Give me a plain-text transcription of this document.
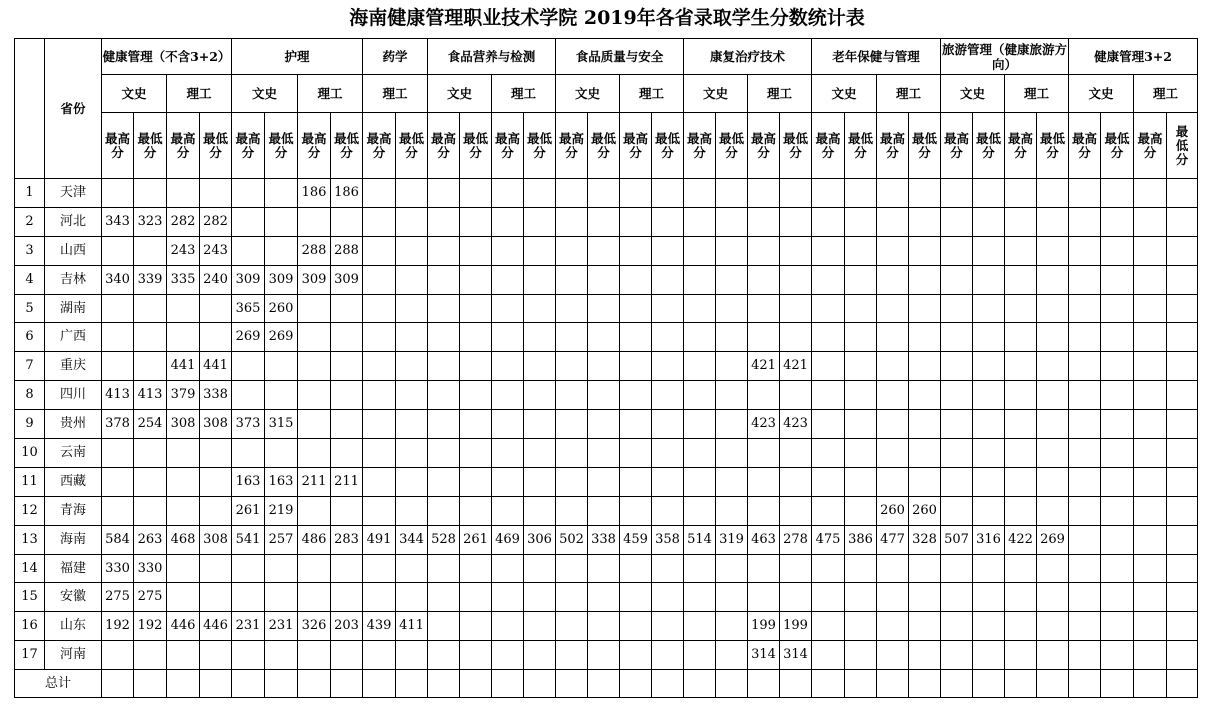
海南健康管理职业技术学院 2019年各省录取学生分数统计表
	省份	健康管理（不含3+2）				护理				药学		食品营养与检测				食品质量与安全				康复治疗技术				老年保健与管理				旅游管理（健康旅游方向）				健康管理3+2			
		文史		理工		文史		理工		理工		文史		理工		文史		理工		文史		理工		文史		理工		文史		理工		文史		理工	
		最高分	最低分	最高分	最低分	最高分	最低分	最高分	最低分	最高分	最低分	最高分	最低分	最高分	最低分	最高分	最低分	最高分	最低分	最高分	最低分	最高分	最低分	最高分	最低分	最高分	最低分	最高分	最低分	最高分	最低分	最高分	最低分	最高分	最低分
1	天津							186	186																										
2	河北	343	323	282	282																														
3	山西			243	243			288	288																										
4	吉林	340	339	335	240	309	309	309	309																										
5	湖南					365	260																												
6	广西					269	269																												
7	重庆			441	441																	421	421												
8	四川	413	413	379	338																														
9	贵州	378	254	308	308	373	315															423	423												
10	云南																																		
11	西藏					163	163	211	211																										
12	青海					261	219																			260	260								
13	海南	584	263	468	308	541	257	486	283	491	344	528	261	469	306	502	338	459	358	514	319	463	278	475	386	477	328	507	316	422	269				
14	福建	330	330																																
15	安徽	275	275																																
16	山东	192	192	446	446	231	231	326	203	439	411											199	199												
17	河南																					314	314												
总计																																			
